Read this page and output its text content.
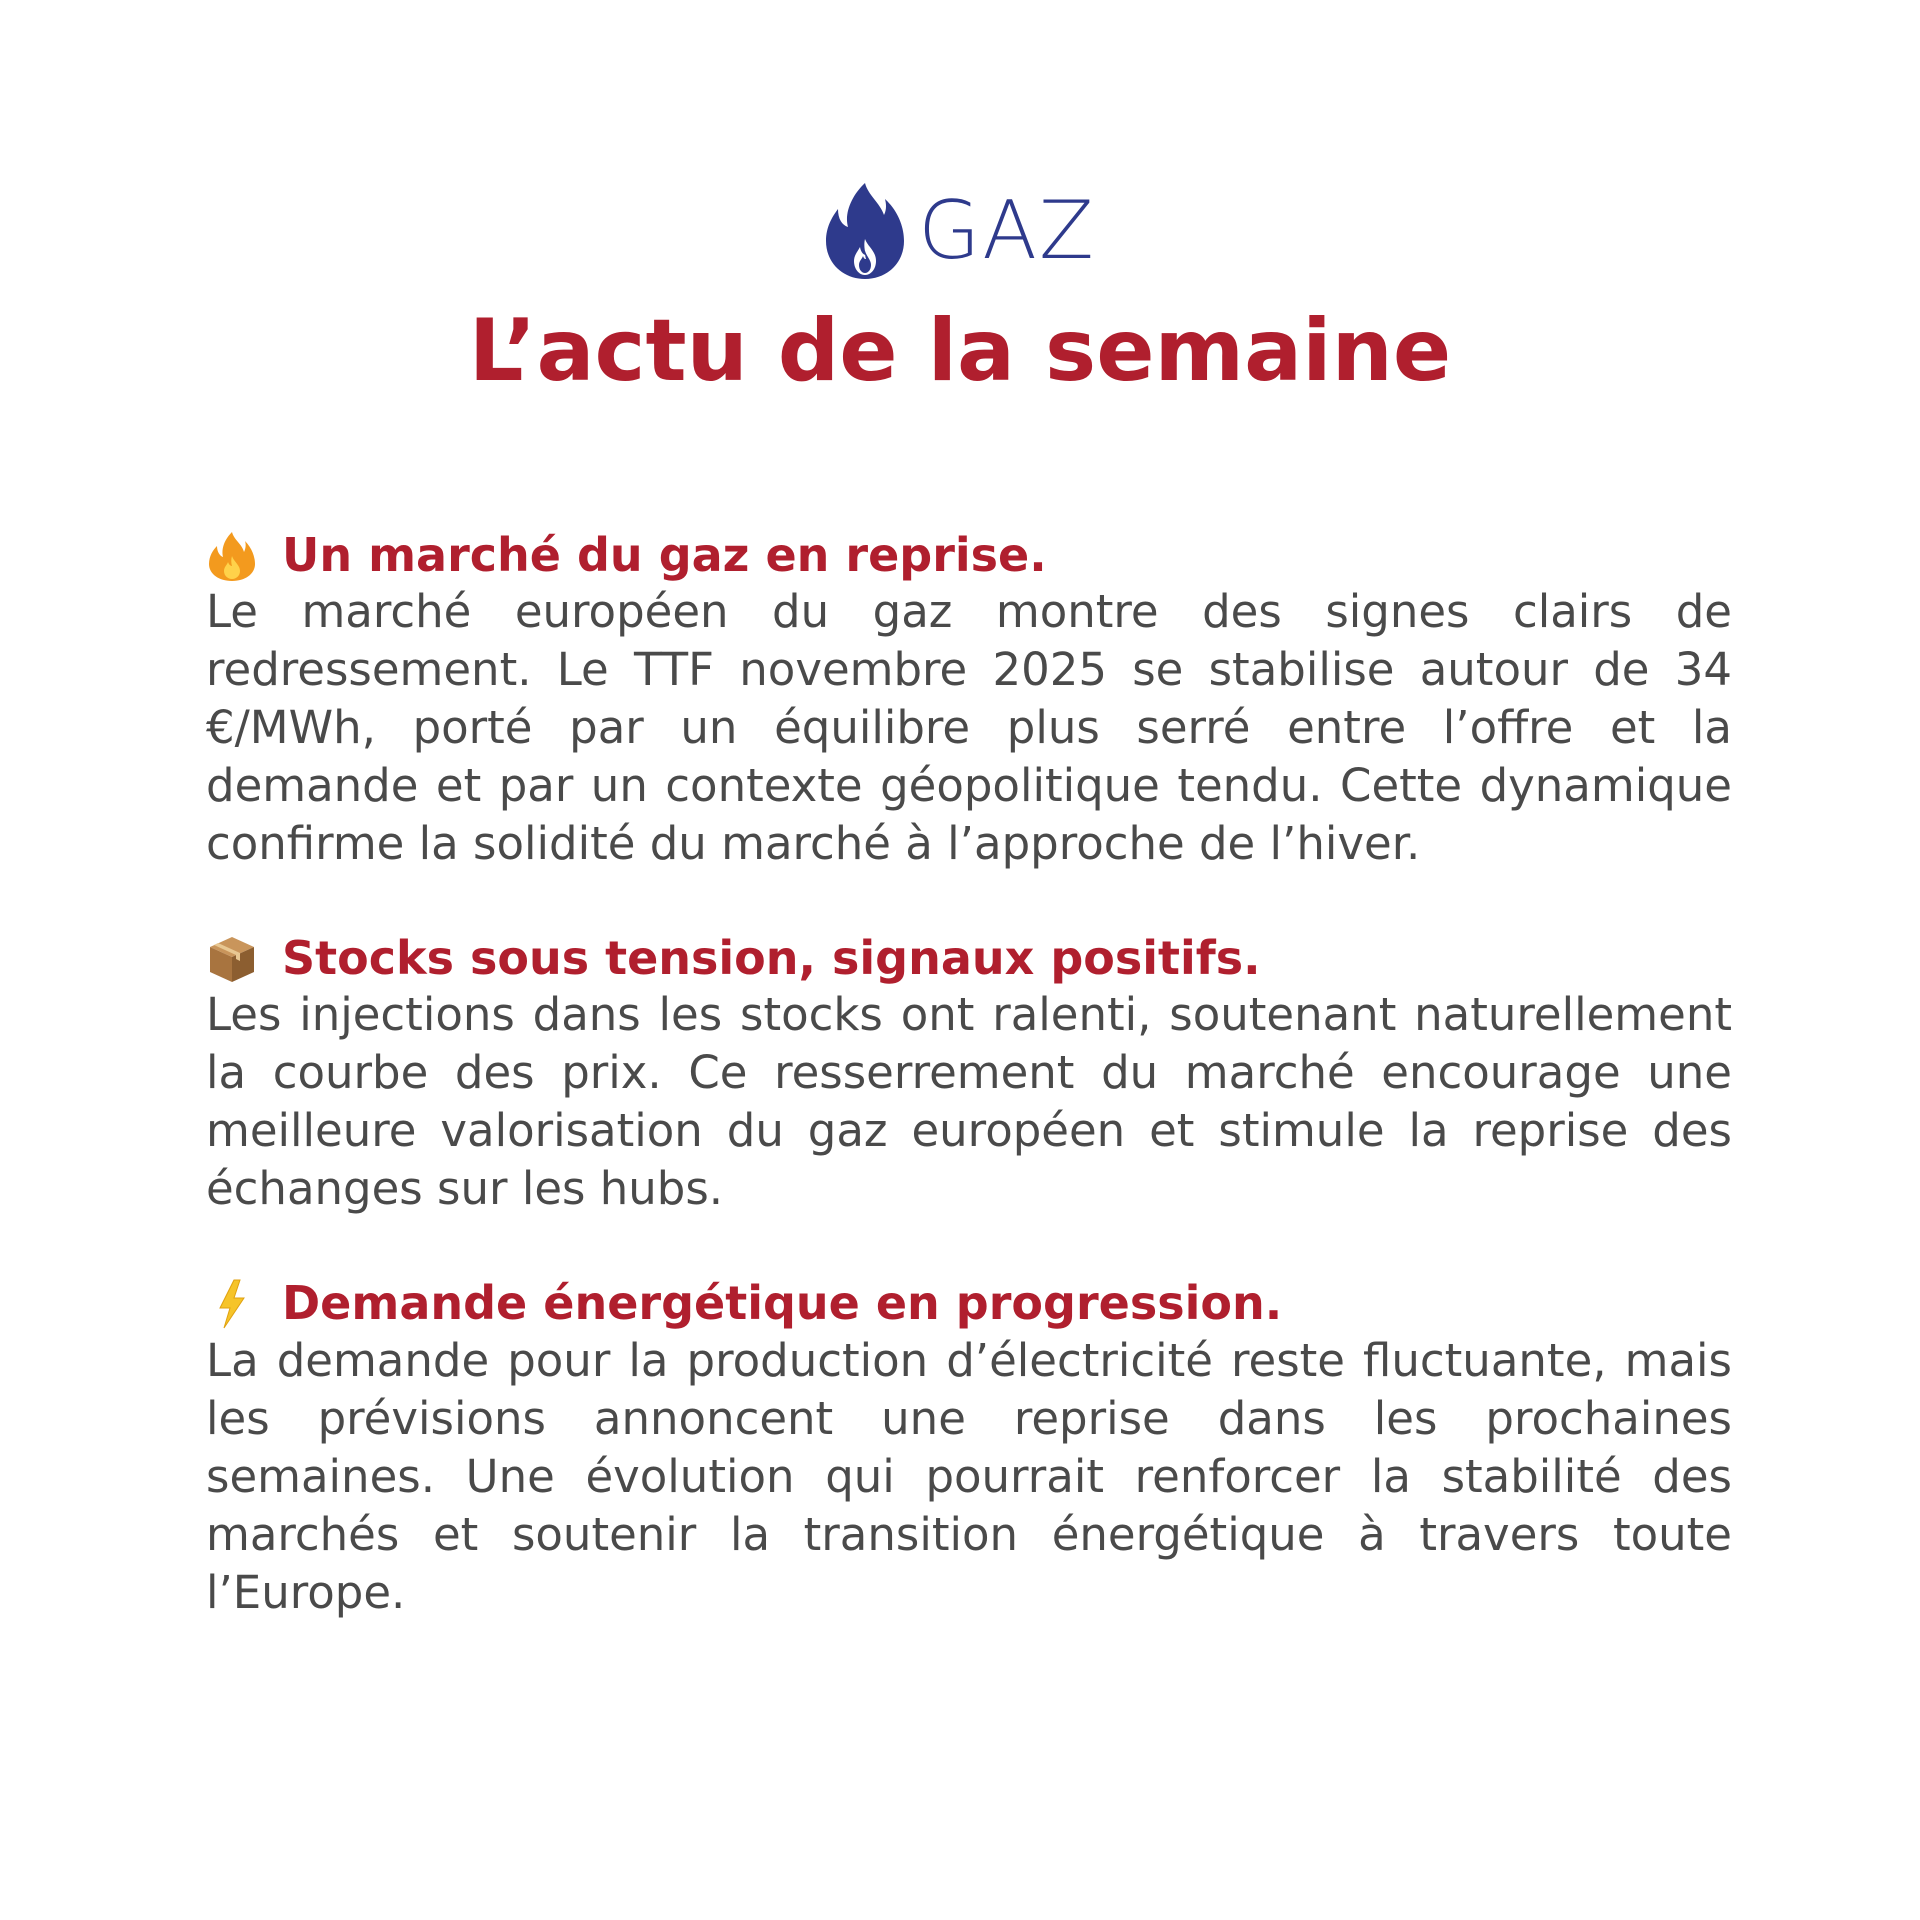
GAZ
L’actu de la semaine
Un marché du gaz en reprise.

Le marché européen du gaz montre des signes clairs de redressement. Le TTF novembre 2025 se stabilise autour de 34 €/MWh, porté par un équilibre plus serré entre l’offre et la demande et par un contexte géopolitique tendu. Cette dynamique confirme la solidité du marché à l’approche de l’hiver.

Stocks sous tension, signaux positifs.

Les injections dans les stocks ont ralenti, soutenant naturellement la courbe des prix. Ce resserrement du marché encourage une meilleure valorisation du gaz européen et stimule la reprise des échanges sur les hubs.

Demande énergétique en progression.

La demande pour la production d’électricité reste fluctuante, mais les prévisions annoncent une reprise dans les prochaines semaines. Une évolution qui pourrait renforcer la stabilité des marchés et soutenir la transition énergétique à travers toute l’Europe.
